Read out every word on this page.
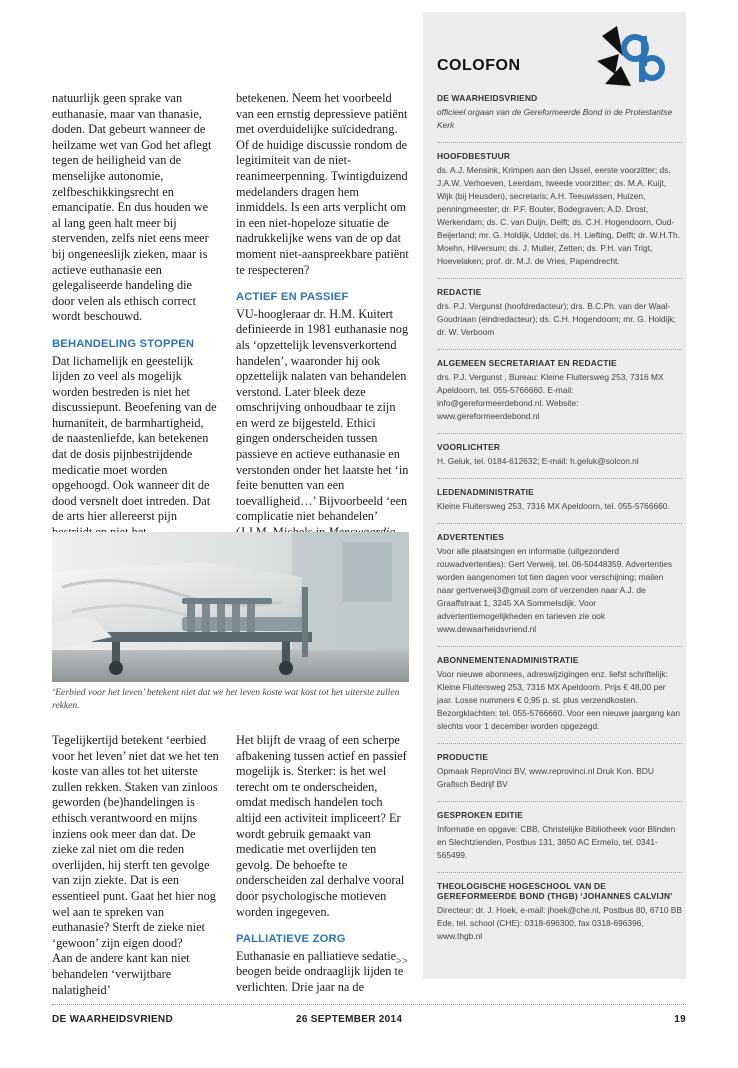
natuurlijk geen sprake van euthanasie, maar van thanasie, doden. Dat gebeurt wanneer de heilzame wet van God het aflegt tegen de heiligheid van de menselijke autonomie, zelfbeschikkingsrecht en emancipatie. En dus houden we al lang geen halt meer bij stervenden, zelfs niet eens meer bij ongeneeslijk zieken, maar is actieve euthanasie een gelegaliseerde handeling die door velen als ethisch correct wordt beschouwd.

BEHANDELING STOPPEN

Dat lichamelijk en geestelijk lijden zo veel als mogelijk worden bestreden is niet het discussiepunt. Beoefening van de humaniteit, de barmhartigheid, de naastenliefde, kan betekenen dat de dosis pijnbestrijdende medicatie moet worden opgehoogd. Ook wanneer dit de dood versnelt doet intreden. Dat de arts hier allereerst pijn

betekenen. Neem het voorbeeld van een ernstig depressieve patiënt met overduidelijke suïcidedrang. Of de huidige discussie rondom de legitimiteit van de niet-reanimeerpenning. Twintigduizend medelanders dragen hem inmiddels. Is een arts verplicht om in een niet-hopeloze situatie de nadrukkelijke wens van de op dat moment niet-aanspreekbare patiënt te respecteren?

ACTIEF EN PASSIEF

VU-hoogleraar dr. H.M. Kuitert definieerde in 1981 euthanasie nog als ‘opzettelijk levensverkortend handelen’, waaronder hij ook opzettelijk nalaten van behandelen verstond. Later bleek deze omschrijving onhoudbaar te zijn en werd ze bijgesteld. Ethici gingen onderscheiden tussen passieve en actieve euthanasie en verstonden onder het laatste het ‘in feite benutten van een toevalligheid…’ Bijvoorbeeld ‘een complicatie niet behandelen’

‘Eerbied voor het leven’ betekent niet dat we het leven koste wat kost tot het uiterste zullen rekken.

Tegelijkertijd betekent ‘eerbied voor het leven’ niet dat we het ten koste van alles tot het uiterste zullen rekken. Staken van zinloos geworden (be)handelingen is ethisch verantwoord en mijns inziens ook meer dan dat. De zieke zal niet om die reden overlijden, hij sterft ten gevolge van zijn ziekte. Dat is een essentieel punt. Gaat het hier nog wel aan te spreken van euthanasie? Sterft de zieke niet ‘gewoon’ zijn eigen dood?

Aan de andere kant kan niet behandelen ‘verwijtbare nalatigheid’

Het blijft de vraag of een scherpe afbakening tussen actief en passief mogelijk is. Sterker: is het wel terecht om te onderscheiden, omdat medisch handelen toch altijd een activiteit impliceert? Er wordt gebruik gemaakt van medicatie met overlijden ten gevolg. De behoefte te onderscheiden zal derhalve vooral door psychologische motieven worden ingegeven.

PALLIATIEVE ZORG

Euthanasie en palliatieve sedatie beogen beide ondraaglijk lijden te verlichten. Drie jaar na de

>>
COLOFON
DE WAARHEIDSVRIEND

officieel orgaan van de Gereformeerde Bond in de Protestantse Kerk

HOOFDBESTUUR

ds. A.J. Mensink, Krimpen aan den IJssel, eerste voorzitter; ds. J.A.W. Verhoeven, Leerdam, tweede voorzitter; ds. M.A. Kuijt, Wijk (bij Heusden), secretaris; A.H. Teeuwissen, Huizen, penningmeester; dr. P.F. Bouter, Bodegraven; A.D. Drost, Werkendam; ds. C. van Duijn, Delft; ds. C.H. Hogendoorn, Oud-Beijerland; mr. G. Holdijk, Uddel; ds. H. Liefting, Delft; dr. W.H.Th. Moehn, Hilversum; ds. J. Muller, Zetten; ds. P.H. van Trigt, Hoevelaken; prof. dr. M.J. de Vries, Papendrecht.

REDACTIE

drs. P.J. Vergunst (hoofdredacteur); drs. B.C.Ph. van der Waal-Goudriaan (eindredacteur); ds. C.H. Hogendoorn; mr. G. Holdijk; dr. W. Verboom

ALGEMEEN SECRETARIAAT EN REDACTIE

drs. P.J. Vergunst , Bureau: Kleine Fluitersweg 253, 7316 MX Apeldoorn, tel. 055-5766660. E-mail: info@gereformeerdebond.nl. Website: www.gereformeerdebond.nl

VOORLICHTER

H. Geluk, tel. 0184-612632; E-mail: h.geluk@solcon.nl

LEDENADMINISTRATIE

Kleine Fluitersweg 253, 7316 MX Apeldoorn, tel. 055-5766660.

ADVERTENTIES

Voor alle plaatsingen en informatie (uitgezonderd rouwadvertenties): Gert Verweij, tel. 06-50448359. Advertenties worden aangenomen tot tien dagen voor verschijning; mailen naar gertverweij3@gmail.com of verzenden naar A.J. de Graaffstraat 1, 3245 XA Sommelsdijk. Voor advertentiemogelijkheden en tarieven zie ook www.dewaarheidsvriend.nl

ABONNEMENTENADMINISTRATIE

Voor nieuwe abonnees, adreswijzigingen enz. liefst schriftelijk: Kleine Fluitersweg 253, 7316 MX Apeldoorn. Prijs € 48,00 per jaar. Losse nummers € 0,95 p. st. plus verzendkosten. Bezorgklachten: tel. 055-5766660. Voor een nieuwe jaargang kan slechts voor 1 december worden opgezegd.

PRODUCTIE

Opmaak ReproVinci BV, www.reprovinci.nl Druk Kon. BDU Grafisch Bedrijf BV

GESPROKEN EDITIE

Informatie en opgave: CBB, Christelijke Bibliotheek voor Blinden en Slechtzienden, Postbus 131, 3850 AC Ermelo, tel. 0341-565499.

THEOLOGISCHE HOGESCHOOL VAN DE GEREFORMEERDE BOND (THGB) ‘JOHANNES CALVIJN’

Directeur: dr. J. Hoek, e-mail: jhoek@che.nl, Postbus 80, 6710 BB Ede, tel. school (CHE): 0318-696300, fax 0318-696396, www.thgb.nl

DE WAARHEIDSVRIEND	26 SEPTEMBER 2014	19
